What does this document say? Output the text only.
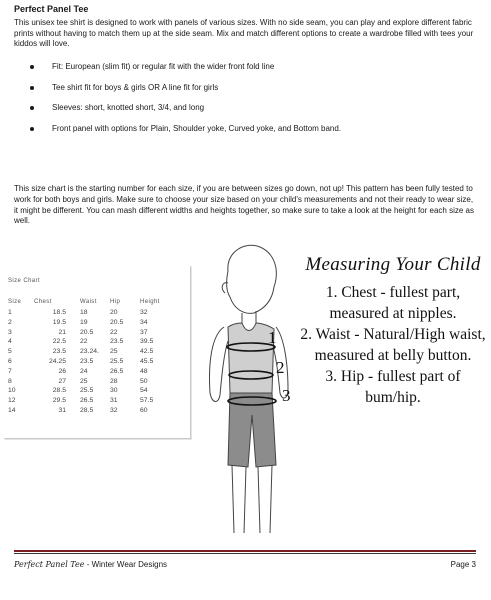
Perfect Panel Tee
This unisex tee shirt is designed to work with panels of various sizes. With no side seam, you can play and explore different fabric prints without having to match them up at the side seam. Mix and match different options to create a wardrobe filled with tees your kiddos will love.
Fit: European (slim fit) or regular fit with the wider front fold line
Tee shirt fit for boys & girls OR A line fit for girls
Sleeves: short, knotted short, 3/4, and long
Front panel with options for Plain, Shoulder yoke, Curved yoke, and Bottom band.
This size chart is the starting number for each size, if you are between sizes go down, not up! This pattern has been fully tested to work for both boys and girls. Make sure to choose your size based on your child's measurements and not their ready to wear size, it might be different. You can mash different widths and heights together, so make sure to take a look at the height for each size as well.
Size Chart
Size	Chest	Waist	Hip	Height
1	18.5	18	20	32
2	19.5	19	20.5	34
3	21	20.5	22	37
4	22.5	22	23.5	39.5
5	23.5	23.24.	25	42.5
6	24.25	23.5	25.5	45.5
7	26	24	26.5	48
8	27	25	28	50
10	28.5	25.5	30	54
12	29.5	26.5	31	57.5
14	31	28.5	32	60
1
2
3
Measuring Your Child
1. Chest - fullest part,
measured at nipples.
2. Waist - Natural/High waist,
measured at belly button.
3. Hip - fullest part of bum/hip.
Perfect Panel Tee - Winter Wear Designs	Page 3
